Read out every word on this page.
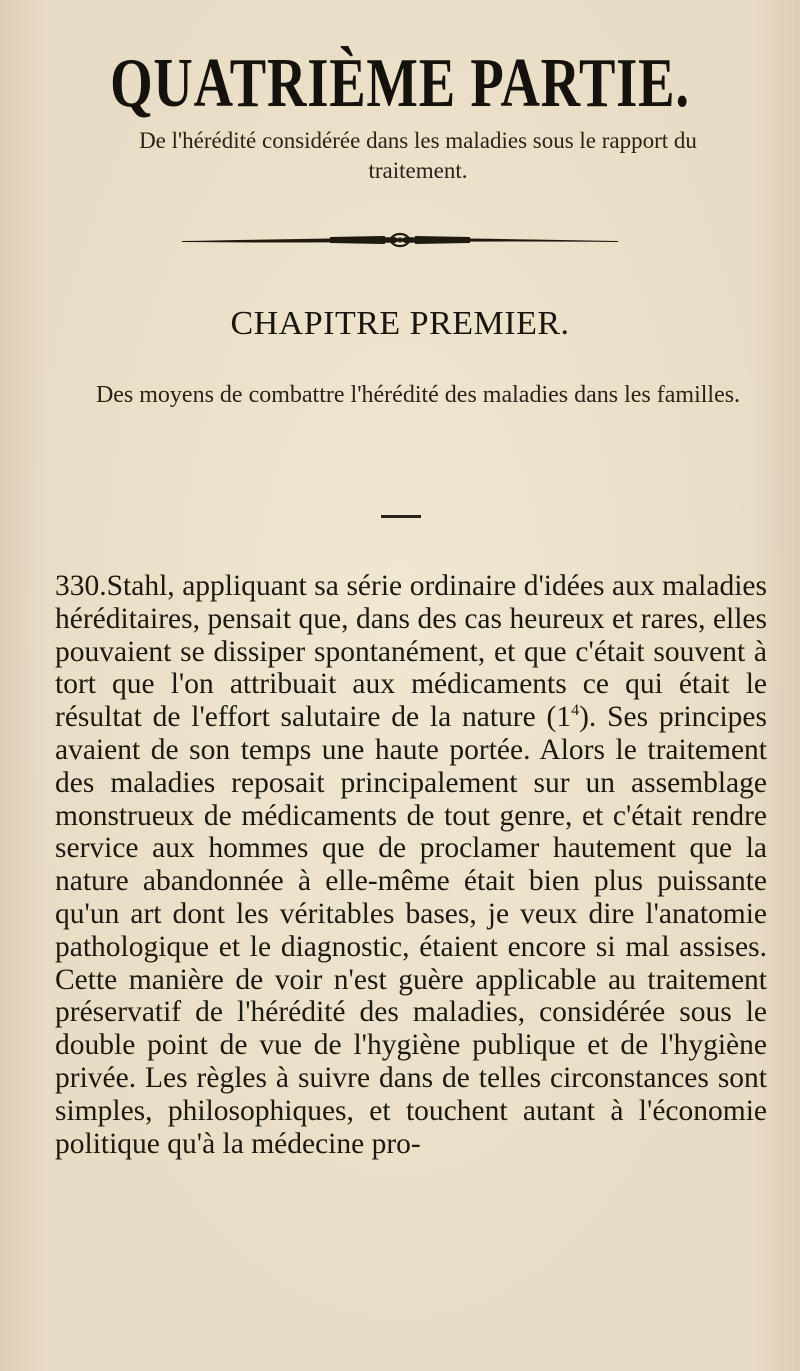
QUATRIÈME PARTIE.
De l'hérédité considérée dans les maladies sous le rapport du traitement.
CHAPITRE PREMIER.
Des moyens de combattre l'hérédité des maladies dans les familles.
330.Stahl, appliquant sa série ordinaire d'idées aux maladies héréditaires, pensait que, dans des cas heureux et rares, elles pouvaient se dissiper spontanément, et que c'était souvent à tort que l'on attribuait aux médicaments ce qui était le résultat de l'effort salutaire de la nature $(1^4)$. Ses principes avaient de son temps une haute portée. Alors le traitement des maladies reposait principalement sur un assemblage monstrueux de médicaments de tout genre, et c'était rendre service aux hommes que de proclamer hautement que la nature abandonnée à elle-même était bien plus puissante qu'un art dont les véritables bases, je veux dire l'anatomie pathologique et le diagnostic, étaient encore si mal assises. Cette manière de voir n'est guère applicable au traitement préservatif de l'hérédité des maladies, considérée sous le double point de vue de l'hygiène publique et de l'hygiène privée. Les règles à suivre dans de telles circonstances sont simples, philosophiques, et touchent autant à l'économie politique qu'à la médecine pro-
